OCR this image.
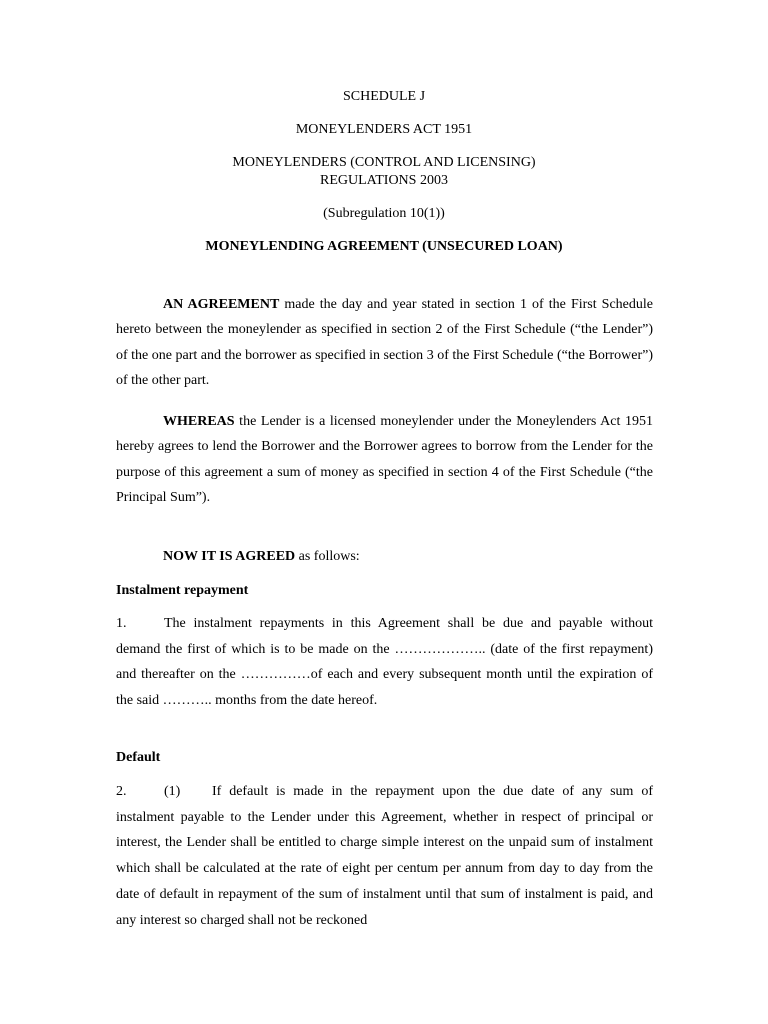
SCHEDULE J

MONEYLENDERS ACT 1951

MONEYLENDERS (CONTROL AND LICENSING)

REGULATIONS 2003

(Subregulation 10(1))

MONEYLENDING AGREEMENT (UNSECURED LOAN)

AN AGREEMENT made the day and year stated in section 1 of the First Schedule hereto between the moneylender as specified in section 2 of the First Schedule (“the Lender”) of the one part and the borrower as specified in section 3 of the First Schedule (“the Borrower”) of the other part.

WHEREAS the Lender is a licensed moneylender under the Moneylenders Act 1951 hereby agrees to lend the Borrower and the Borrower agrees to borrow from the Lender for the purpose of this agreement a sum of money as specified in section 4 of the First Schedule (“the Principal Sum”).

NOW IT IS AGREED as follows:

Instalment repayment

1.	The instalment repayments in this Agreement shall be due and payable without demand the first of which is to be made on the ……………….. (date of the first repayment) and thereafter on the ……………of each and every subsequent month until the expiration of the said ……….. months from the date hereof.

Default

2.	(1) If default is made in the repayment upon the due date of any sum of instalment payable to the Lender under this Agreement, whether in respect of principal or interest, the Lender shall be entitled to charge simple interest on the unpaid sum of instalment which shall be calculated at the rate of eight per centum per annum from day to day from the date of default in repayment of the sum of instalment until that sum of instalment is paid, and any interest so charged shall not be reckoned
